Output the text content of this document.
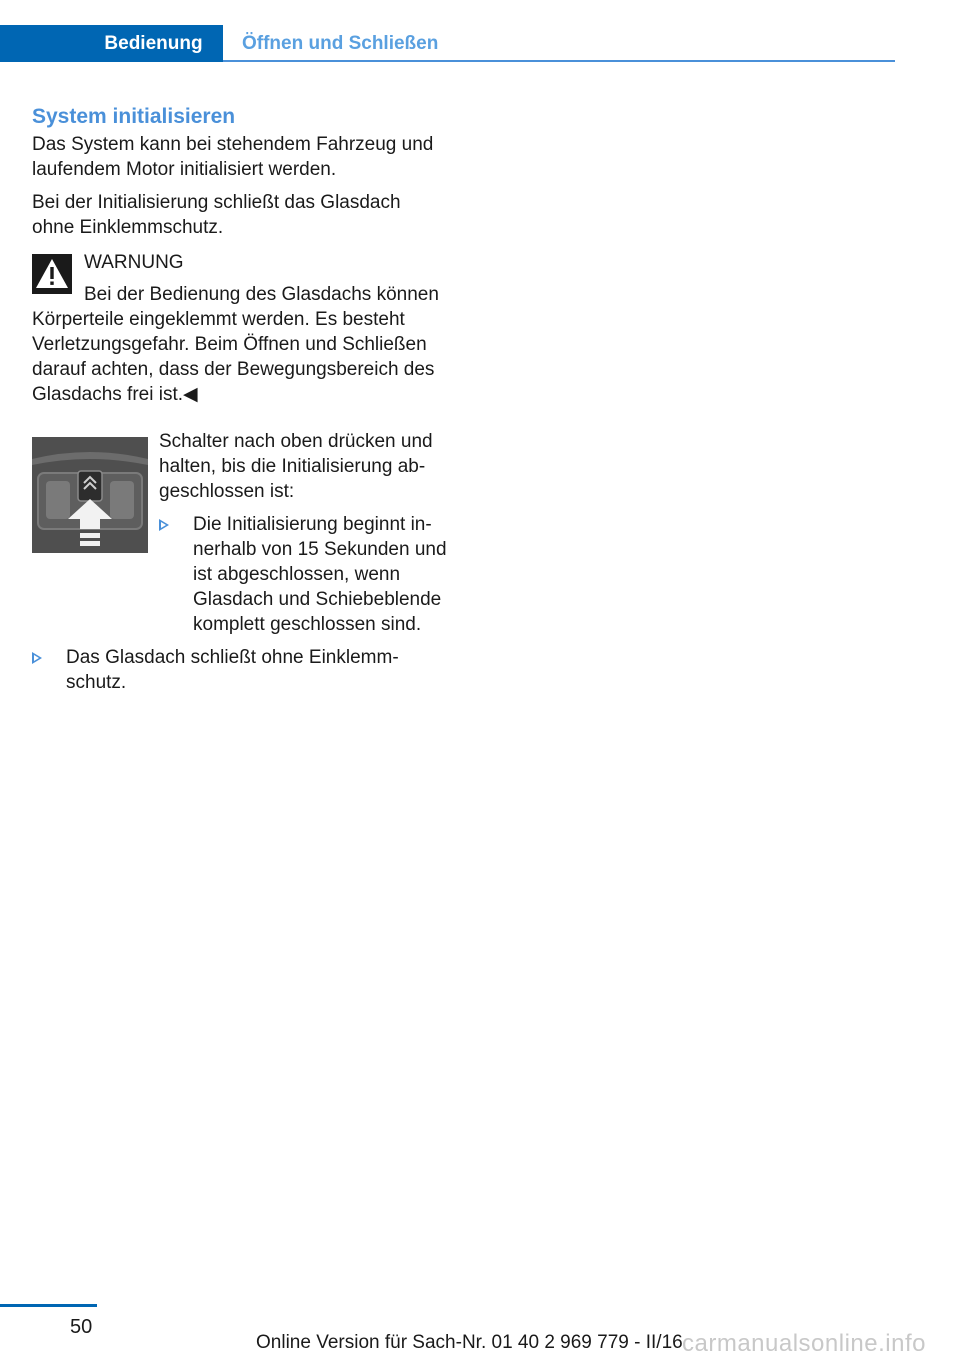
Bedienung	Öffnen und Schließen
System initialisieren

Das System kann bei stehendem Fahrzeug und laufendem Motor initialisiert werden.

Bei der Initialisierung schließt das Glasdach ohne Einklemmschutz.

WARNUNG

Bei der Bedienung des Glasdachs können Körperteile eingeklemmt werden. Es besteht Verletzungsgefahr. Beim Öffnen und Schließen darauf achten, dass der Bewegungsbereich des Glasdachs frei ist.◀

Schalter nach oben drücken und halten, bis die Initialisierung abgeschlossen ist:

Die Initialisierung beginnt innerhalb von 15 Sekunden und ist abgeschlossen, wenn Glasdach und Schiebeblende komplett geschlossen sind.

Das Glasdach schließt ohne Einklemmschutz.

50
Online Version für Sach-Nr. 01 40 2 969 779 - II/16 carmanualsonline.info
